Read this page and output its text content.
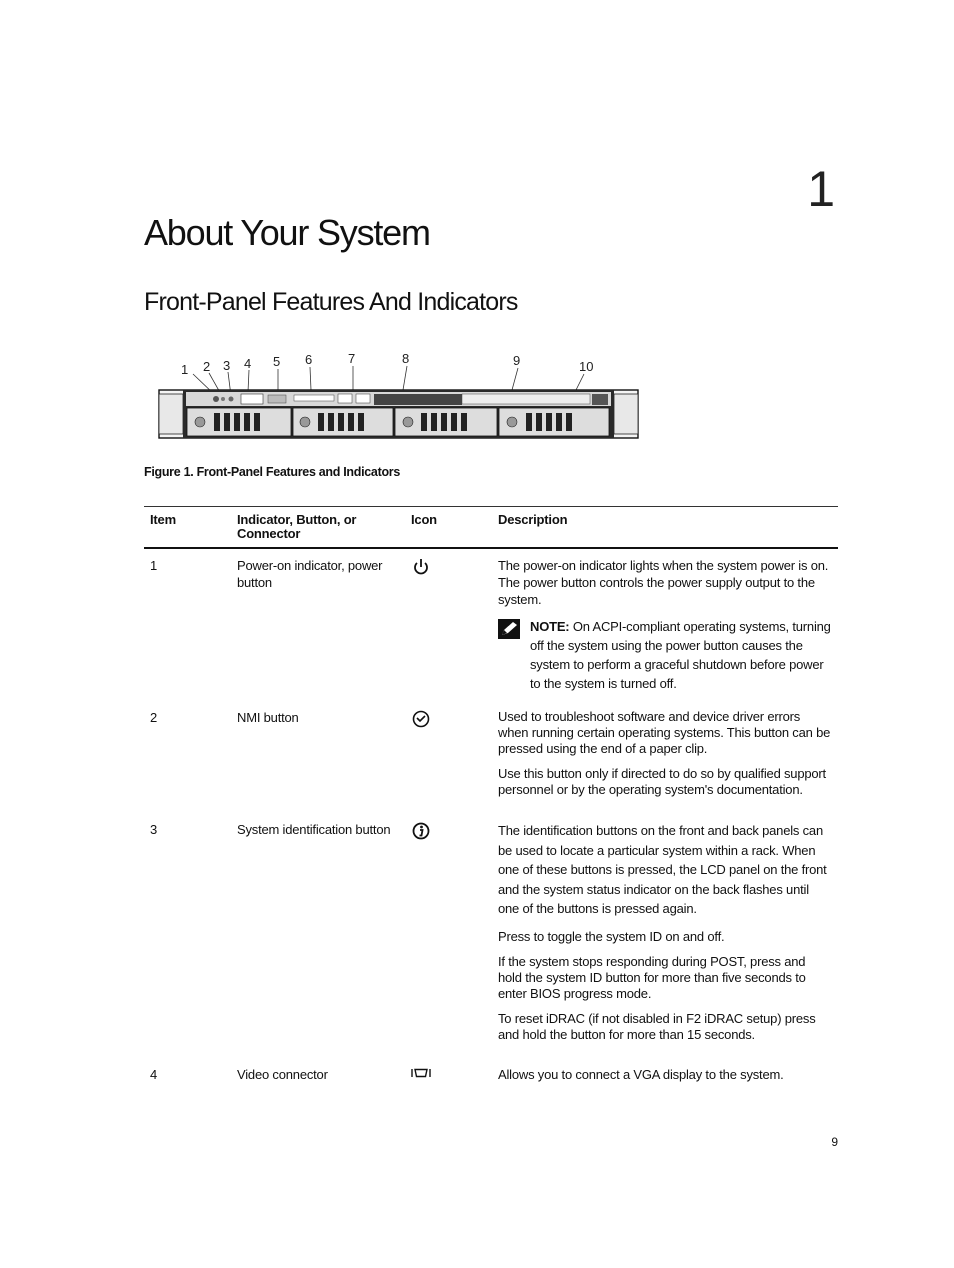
1
About Your System
Front-Panel Features And Indicators
1 2 3 4 5 6	7	8	9	10
Figure 1. Front-Panel Features and Indicators
Item	Indicator, Button, or Connector	Icon	Description
1	Power-on indicator, power button		The power-on indicator lights when the system power is on. The power button controls the power supply output to the system.

NOTE: On ACPI-compliant operating systems, turning off the system using the power button causes the system to perform a graceful shutdown before power to the system is turned off.

2	NMI button		Used to troubleshoot software and device driver errors when running certain operating systems. This button can be pressed using the end of a paper clip.

Use this button only if directed to do so by qualified support personnel or by the operating system's documentation.

3	System identification button		The identification buttons on the front and back panels can be used to locate a particular system within a rack. When one of these buttons is pressed, the LCD panel on the front and the system status indicator on the back flashes until one of the buttons is pressed again.

Press to toggle the system ID on and off.

If the system stops responding during POST, press and hold the system ID button for more than five seconds to enter BIOS progress mode.

To reset iDRAC (if not disabled in F2 iDRAC setup) press and hold the button for more than 15 seconds.

4	Video connector		Allows you to connect a VGA display to the system.

9
